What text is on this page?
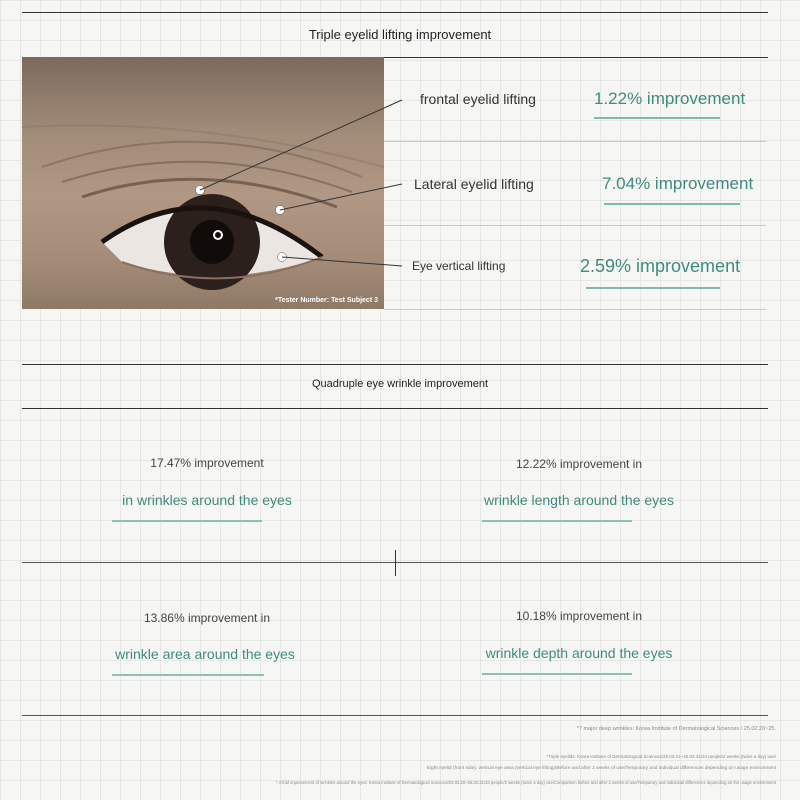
Triple eyelid lifting improvement
*Tester Number: Test Subject 3
frontal eyelid lifting	1.22% improvement
Lateral eyelid lifting	7.04% improvement
Eye vertical lifting	2.59% improvement
Quadruple eye wrinkle improvement
17.47% improvement
in wrinkles around the eyes
12.22% improvement in
wrinkle length around the eyes
13.86% improvement in
wrinkle area around the eyes
10.18% improvement in
wrinkle depth around the eyes
*7 major deep wrinkles: Korea Institute of Dermatological Sciences / 25.02.20~25.
*Triple eyelids: Korea Institute of Dermatological Sciences/25.03.21~25.03.31/24 people/2 weeks (twice a day) use/
Eight eyelid (front side), vertical eye area (vertical eye lifting)/Before and after 2 weeks of use/Temporary and individual differences depending on usage environment
* 4-fold improvement of wrinkles around the eyes: Korea Institute of Dermatological Sciences/25.03.20~25.03.31/33 people/2 weeks (twice a day) use/Comparison before and after 2 weeks of use/Temporary and individual differences depending on the usage environment
